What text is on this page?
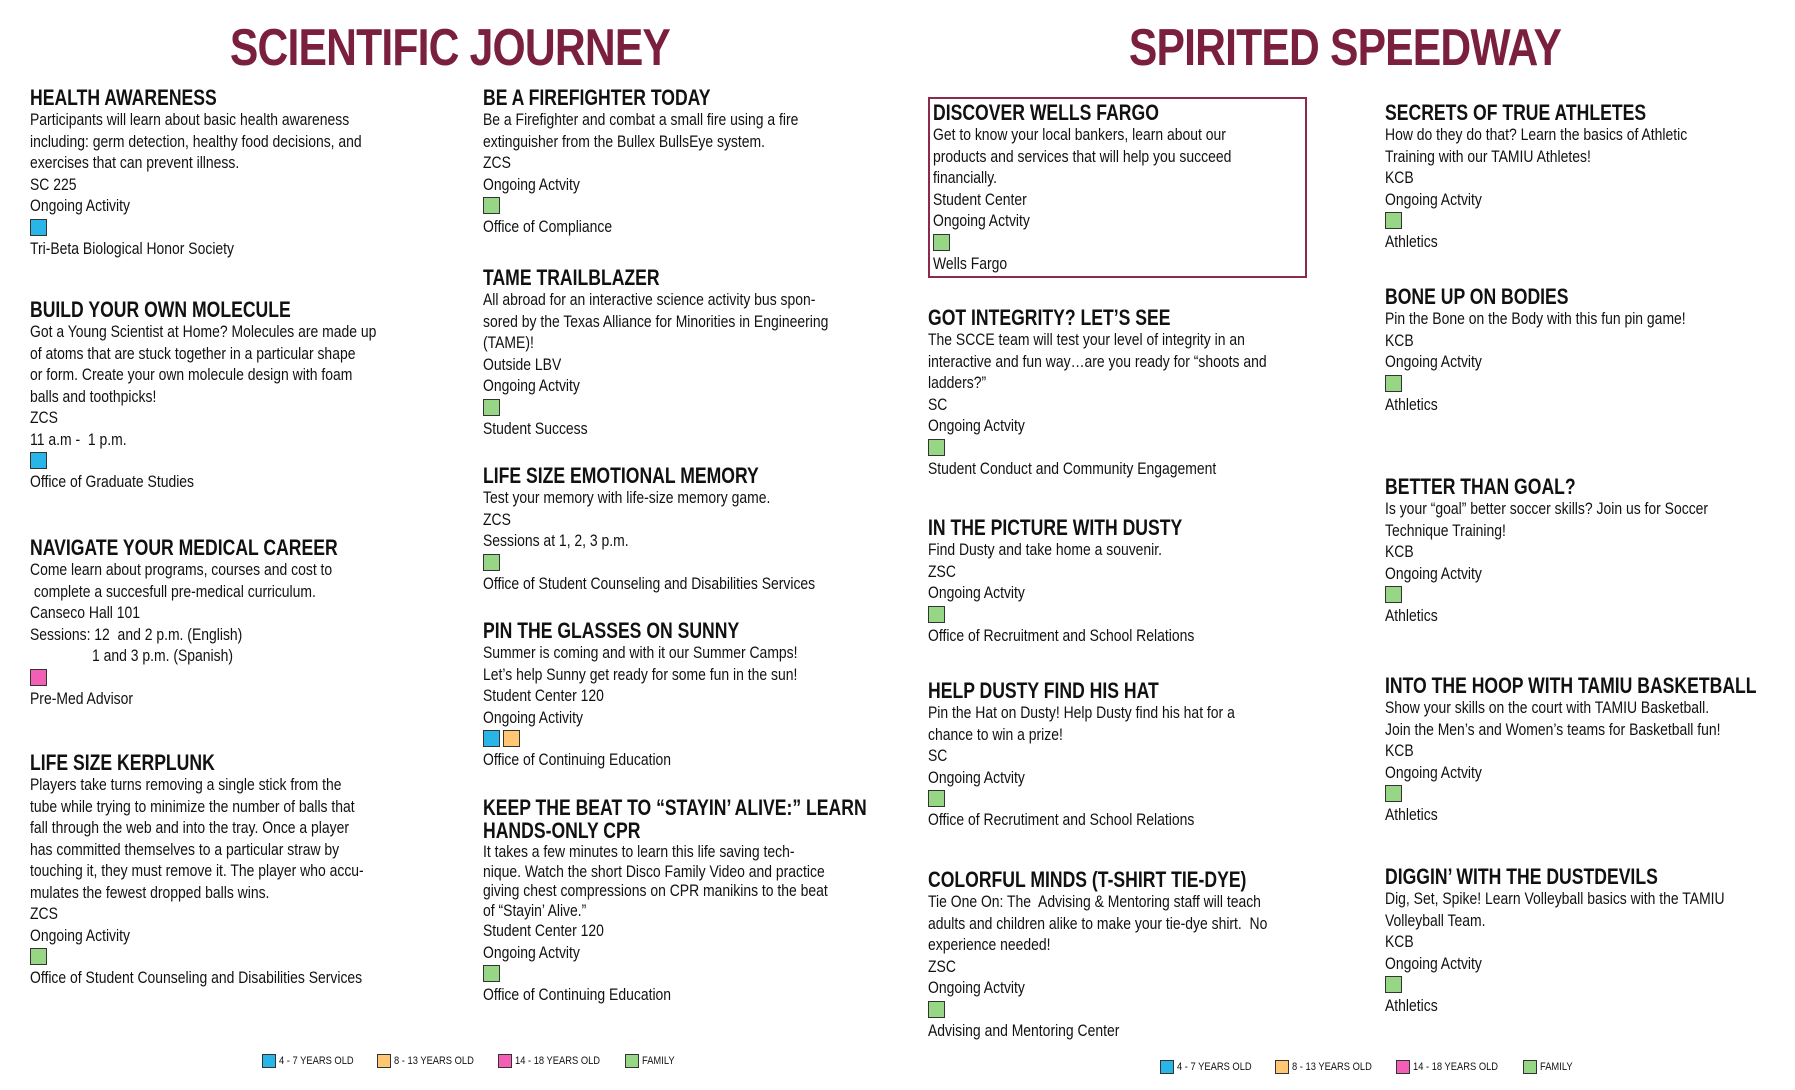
SCIENTIFIC JOURNEY	SPIRITED SPEEDWAY
HEALTH AWARENESS
Participants will learn about basic health awareness
including: germ detection, healthy food decisions, and
exercises that can prevent illness.
SC 225
Ongoing Activity
Tri-Beta Biological Honor Society
BUILD YOUR OWN MOLECULE
Got a Young Scientist at Home? Molecules are made up
of atoms that are stuck together in a particular shape
or form. Create your own molecule design with foam
balls and toothpicks!
ZCS
11 a.m -  1 p.m.
Office of Graduate Studies
NAVIGATE YOUR MEDICAL CAREER
Come learn about programs, courses and cost to
complete a succesfull pre-medical curriculum.
Canseco Hall 101
Sessions: 12  and 2 p.m. (English)
1 and 3 p.m. (Spanish)
Pre-Med Advisor
LIFE SIZE KERPLUNK
Players take turns removing a single stick from the
tube while trying to minimize the number of balls that
fall through the web and into the tray. Once a player
has committed themselves to a particular straw by
touching it, they must remove it. The player who accu-
mulates the fewest dropped balls wins.
ZCS
Ongoing Activity
Office of Student Counseling and Disabilities Services
BE A FIREFIGHTER TODAY
Be a Firefighter and combat a small fire using a fire
extinguisher from the Bullex BullsEye system.
ZCS
Ongoing Actvity
Office of Compliance
TAME TRAILBLAZER
All abroad for an interactive science activity bus spon-
sored by the Texas Alliance for Minorities in Engineering
(TAME)!
Outside LBV
Ongoing Actvity
Student Success
LIFE SIZE EMOTIONAL MEMORY
Test your memory with life-size memory game.
ZCS
Sessions at 1, 2, 3 p.m.
Office of Student Counseling and Disabilities Services
PIN THE GLASSES ON SUNNY
Summer is coming and with it our Summer Camps!
Let’s help Sunny get ready for some fun in the sun!
Student Center 120
Ongoing Activity
Office of Continuing Education
KEEP THE BEAT TO “STAYIN’ ALIVE:” LEARN
HANDS-ONLY CPR
It takes a few minutes to learn this life saving tech-
nique. Watch the short Disco Family Video and practice
giving chest compressions on CPR manikins to the beat
of “Stayin’ Alive.”
Student Center 120
Ongoing Actvity
Office of Continuing Education
DISCOVER WELLS FARGO
Get to know your local bankers, learn about our
products and services that will help you succeed
financially.
Student Center
Ongoing Actvity
Wells Fargo
GOT INTEGRITY? LET’S SEE
The SCCE team will test your level of integrity in an
interactive and fun way…are you ready for “shoots and
ladders?”
SC
Ongoing Actvity
Student Conduct and Community Engagement
IN THE PICTURE WITH DUSTY
Find Dusty and take home a souvenir.
ZSC
Ongoing Actvity
Office of Recruitment and School Relations
HELP DUSTY FIND HIS HAT
Pin the Hat on Dusty! Help Dusty find his hat for a
chance to win a prize!
SC
Ongoing Actvity
Office of Recrutiment and School Relations
COLORFUL MINDS (T-SHIRT TIE-DYE)
Tie One On: The  Advising & Mentoring staff will teach
adults and children alike to make your tie-dye shirt.  No
experience needed!
ZSC
Ongoing Actvity
Advising and Mentoring Center
SECRETS OF TRUE ATHLETES
How do they do that? Learn the basics of Athletic
Training with our TAMIU Athletes!
KCB
Ongoing Actvity
Athletics
BONE UP ON BODIES
Pin the Bone on the Body with this fun pin game!
KCB
Ongoing Actvity
Athletics
BETTER THAN GOAL?
Is your “goal” better soccer skills? Join us for Soccer
Technique Training!
KCB
Ongoing Actvity
Athletics
INTO THE HOOP WITH TAMIU BASKETBALL
Show your skills on the court with TAMIU Basketball.
Join the Men’s and Women’s teams for Basketball fun!
KCB
Ongoing Actvity
Athletics
DIGGIN’ WITH THE DUSTDEVILS
Dig, Set, Spike! Learn Volleyball basics with the TAMIU
Volleyball Team.
KCB
Ongoing Actvity
Athletics
4 - 7 YEARS OLD	8 - 13 YEARS OLD	14 - 18 YEARS OLD	FAMILY	4 - 7 YEARS OLD	8 - 13 YEARS OLD	14 - 18 YEARS OLD	FAMILY
